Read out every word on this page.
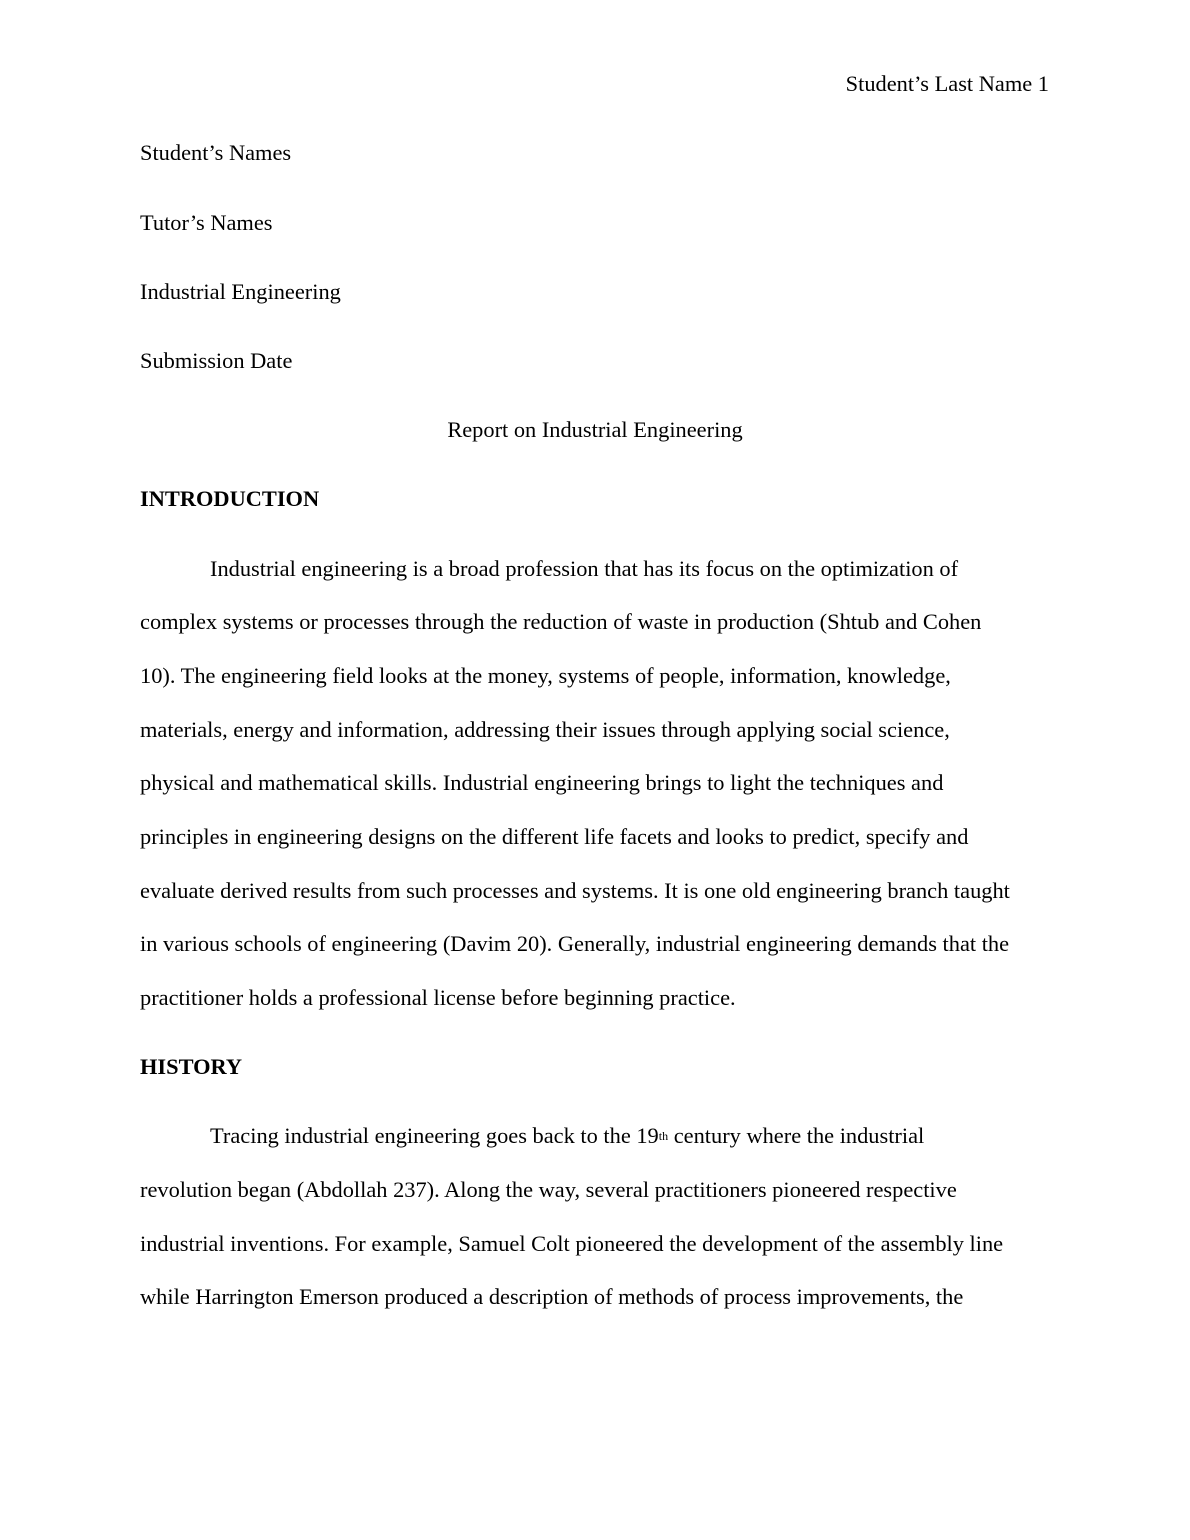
Student’s Last Name 1
Student’s Names
Tutor’s Names
Industrial Engineering
Submission Date
Report on Industrial Engineering
INTRODUCTION
Industrial engineering is a broad profession that has its focus on the optimization of
complex systems or processes through the reduction of waste in production (Shtub and Cohen
10). The engineering field looks at the money, systems of people, information, knowledge,
materials, energy and information, addressing their issues through applying social science,
physical and mathematical skills. Industrial engineering brings to light the techniques and
principles in engineering designs on the different life facets and looks to predict, specify and
evaluate derived results from such processes and systems. It is one old engineering branch taught
in various schools of engineering (Davim 20). Generally, industrial engineering demands that the
practitioner holds a professional license before beginning practice.
HISTORY
Tracing industrial engineering goes back to the 19th century where the industrial
revolution began (Abdollah 237). Along the way, several practitioners pioneered respective
industrial inventions. For example, Samuel Colt pioneered the development of the assembly line
while Harrington Emerson produced a description of methods of process improvements, the
